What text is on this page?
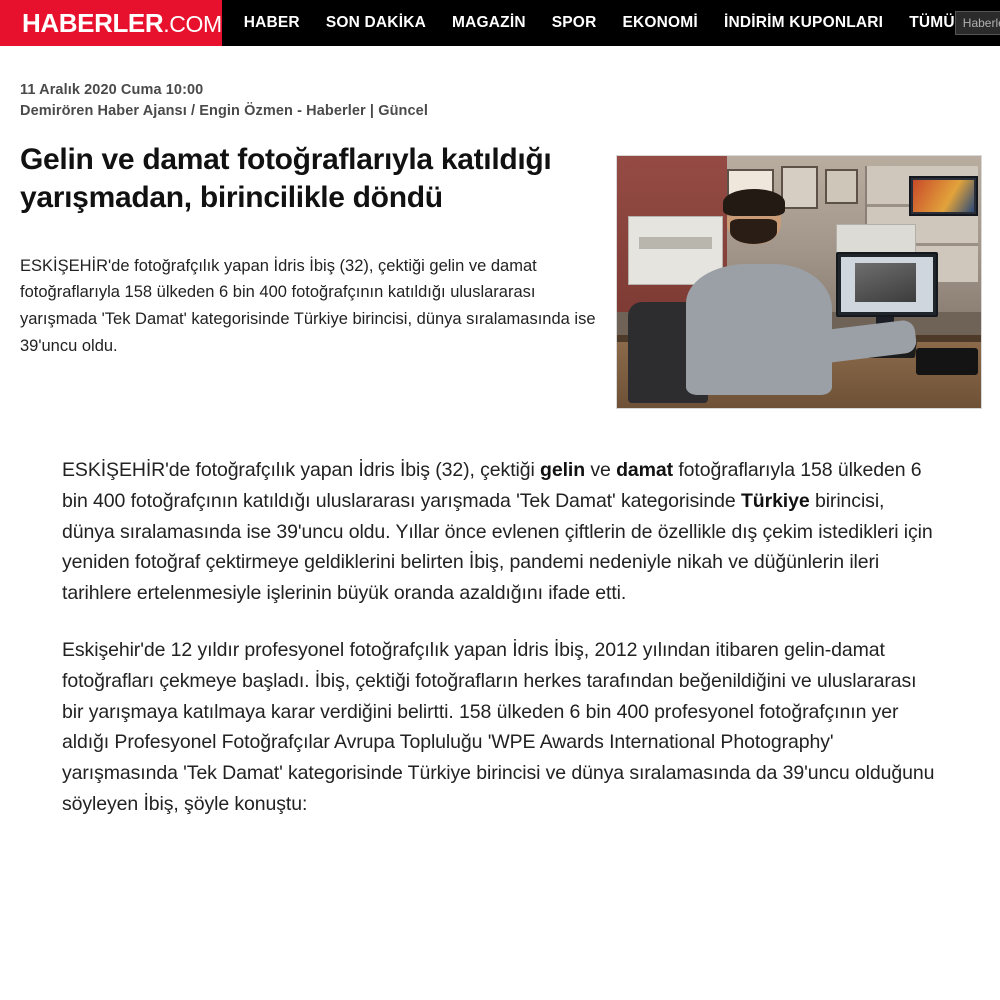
HABERLER.COM HABER SON DAKİKA MAGAZİN SPOR EKONOMİ İNDİRİM KUPONLARI TÜMÜ
Haberlerde Ara
11 Aralık 2020 Cuma 10:00
Demirören Haber Ajansı / Engin Özmen - Haberler | Güncel
Gelin ve damat fotoğraflarıyla katıldığı yarışmadan, birincilikle döndü
ESKİŞEHİR'de fotoğrafçılık yapan İdris İbiş (32), çektiği gelin ve damat fotoğraflarıyla 158 ülkeden 6 bin 400 fotoğrafçının katıldığı uluslararası yarışmada 'Tek Damat' kategorisinde Türkiye birincisi, dünya sıralamasında ise 39'uncu oldu.

ESKİŞEHİR'de fotoğrafçılık yapan İdris İbiş (32), çektiği gelin ve damat fotoğraflarıyla 158 ülkeden 6 bin 400 fotoğrafçının katıldığı uluslararası yarışmada 'Tek Damat' kategorisinde Türkiye birincisi, dünya sıralamasında ise 39'uncu oldu. Yıllar önce evlenen çiftlerin de özellikle dış çekim istedikleri için yeniden fotoğraf çektirmeye geldiklerini belirten İbiş, pandemi nedeniyle nikah ve düğünlerin ileri tarihlere ertelenmesiyle işlerinin büyük oranda azaldığını ifade etti.

Eskişehir'de 12 yıldır profesyonel fotoğrafçılık yapan İdris İbiş, 2012 yılından itibaren gelin-damat fotoğrafları çekmeye başladı. İbiş, çektiği fotoğrafların herkes tarafından beğenildiğini ve uluslararası bir yarışmaya katılmaya karar verdiğini belirtti. 158 ülkeden 6 bin 400 profesyonel fotoğrafçının yer aldığı Profesyonel Fotoğrafçılar Avrupa Topluluğu 'WPE Awards International Photography' yarışmasında 'Tek Damat' kategorisinde Türkiye birincisi ve dünya sıralamasında da 39'uncu olduğunu söyleyen İbiş, şöyle konuştu:
